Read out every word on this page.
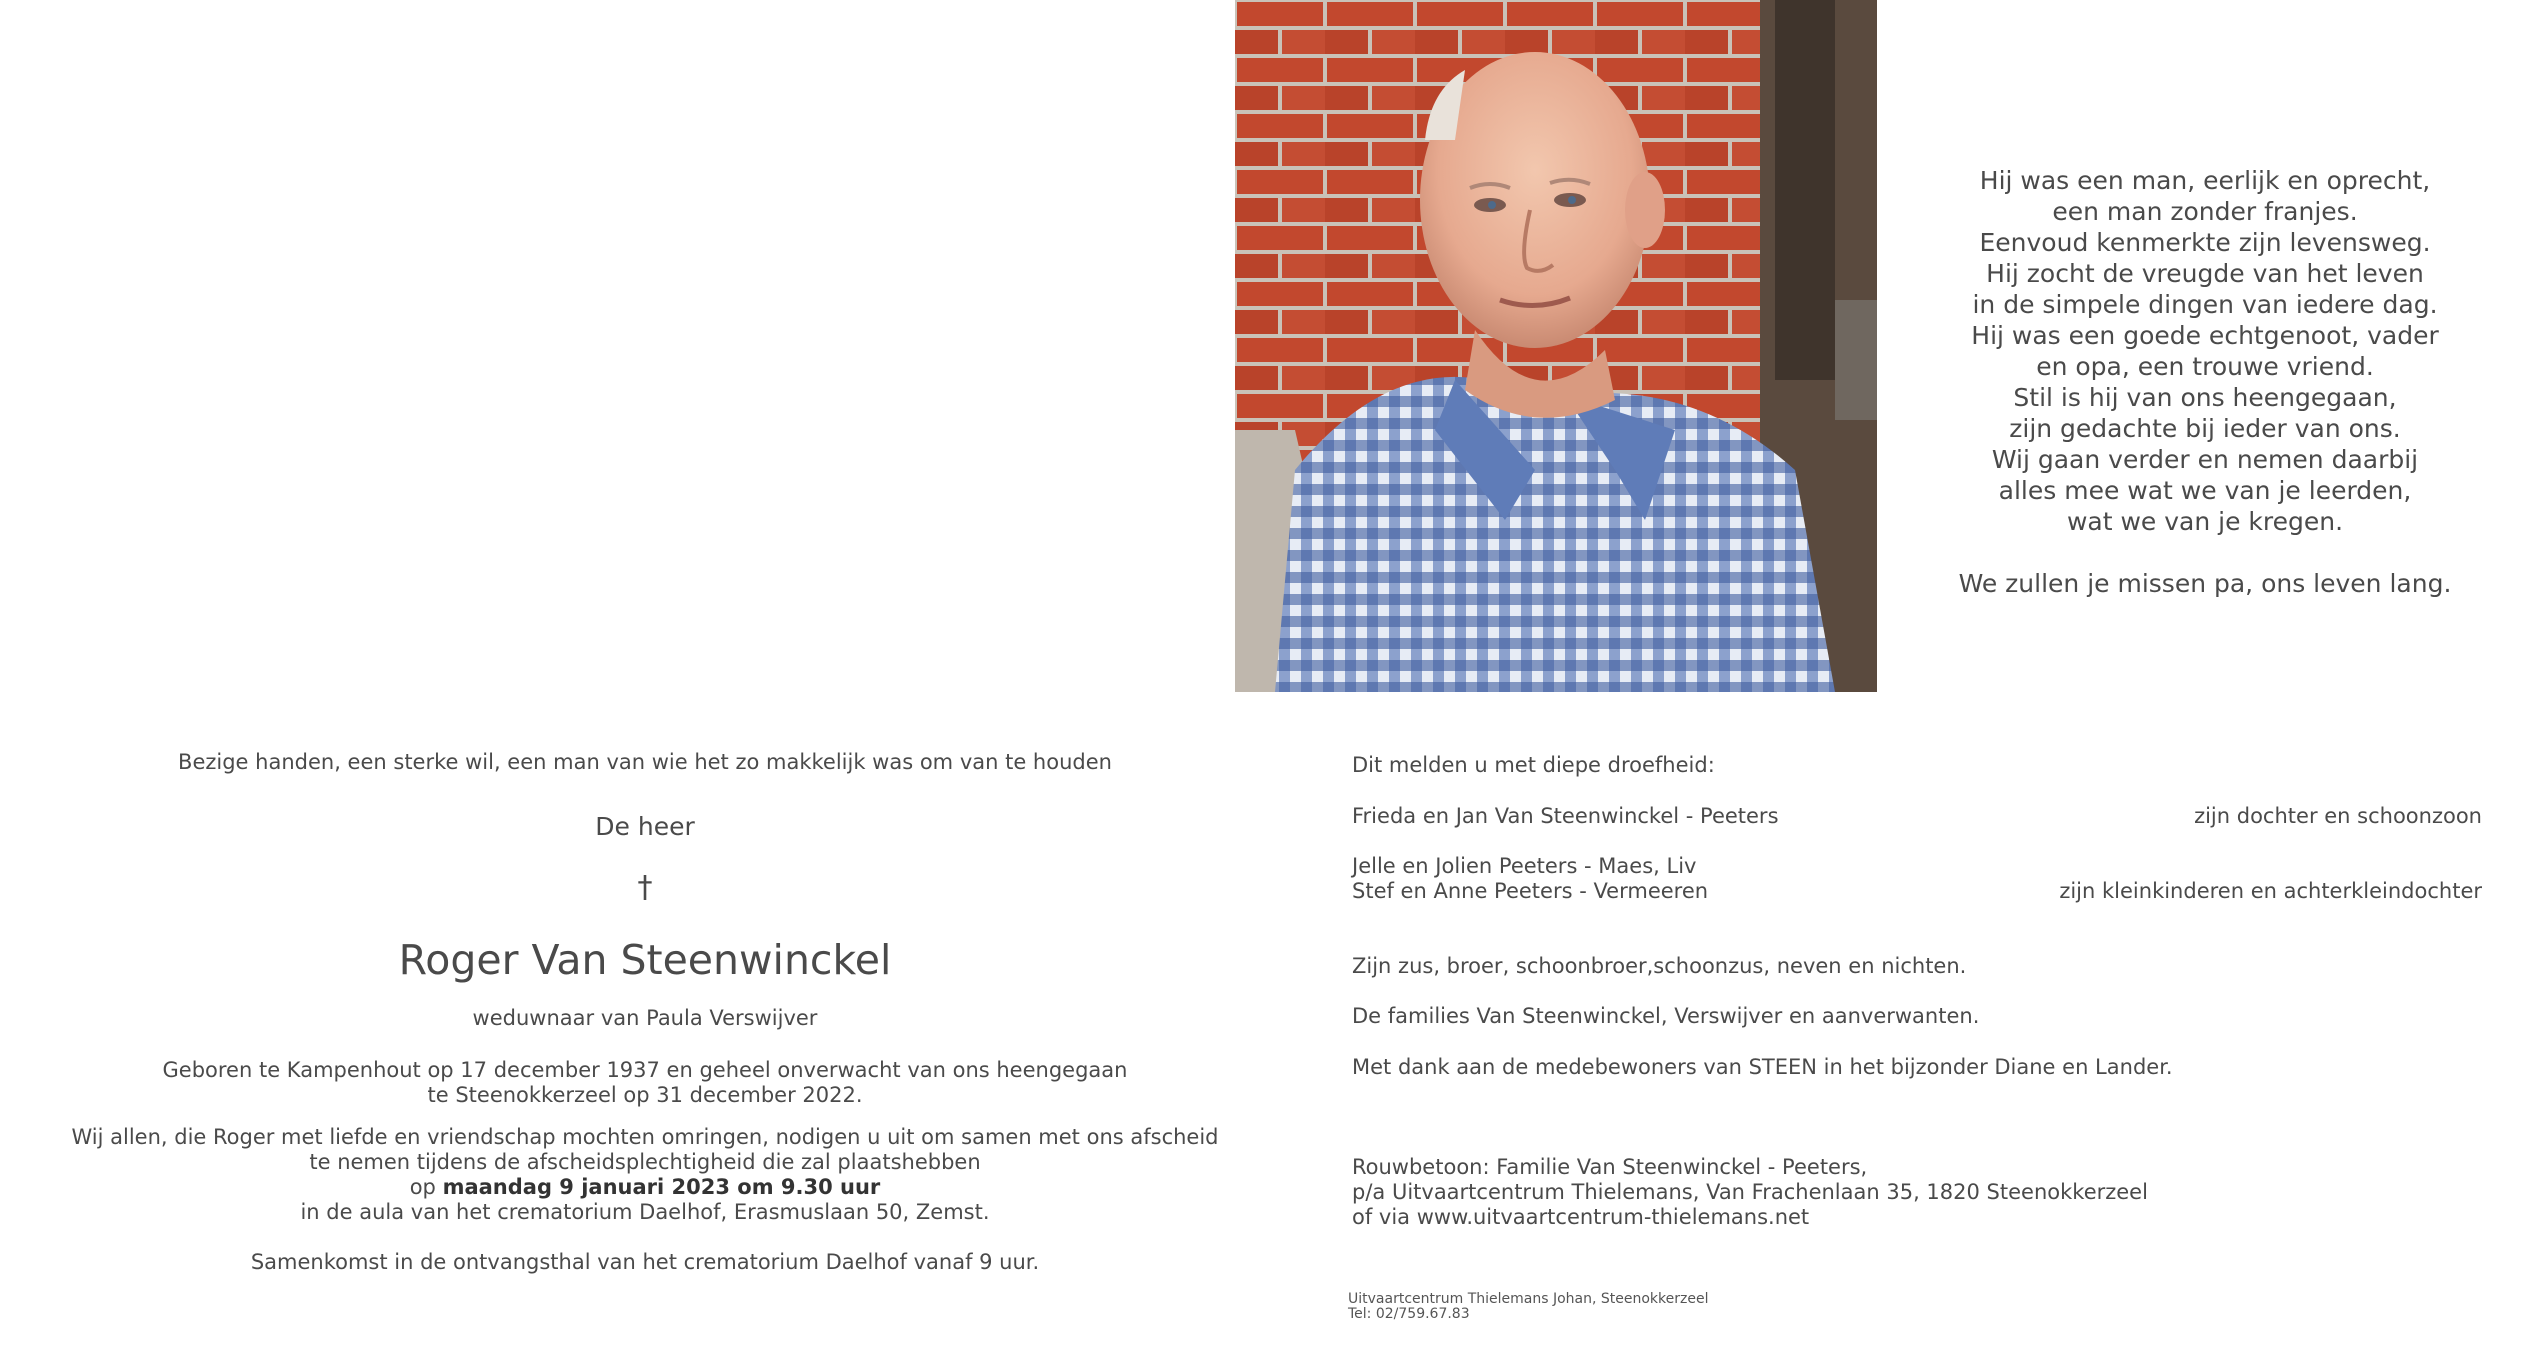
Hij was een man, eerlijk en oprecht,
een man zonder franjes.
Eenvoud kenmerkte zijn levensweg.
Hij zocht de vreugde van het leven
in de simpele dingen van iedere dag.
Hij was een goede echtgenoot, vader
en opa, een trouwe vriend.
Stil is hij van ons heengegaan,
zijn gedachte bij ieder van ons.
Wij gaan verder en nemen daarbij
alles mee wat we van je leerden,
wat we van je kregen.
We zullen je missen pa, ons leven lang.
Bezige handen, een sterke wil, een man van wie het zo makkelijk was om van te houden
De heer
†
Roger Van Steenwinckel
weduwnaar van Paula Verswijver
Geboren te Kampenhout op 17 december 1937 en geheel onverwacht van ons heengegaan
te Steenokkerzeel op 31 december 2022.
Wij allen, die Roger met liefde en vriendschap mochten omringen, nodigen u uit om samen met ons afscheid
te nemen tijdens de afscheidsplechtigheid die zal plaatshebben
op maandag 9 januari 2023 om 9.30 uur
in de aula van het crematorium Daelhof, Erasmuslaan 50, Zemst.
Samenkomst in de ontvangsthal van het crematorium Daelhof vanaf 9 uur.
Dit melden u met diepe droefheid:
Frieda en Jan Van Steenwinckel - Peeters	zijn dochter en schoonzoon
Jelle en Jolien Peeters - Maes, Liv
Stef en Anne Peeters - Vermeeren	zijn kleinkinderen en achterkleindochter
Zijn zus, broer, schoonbroer,schoonzus, neven en nichten.
De families Van Steenwinckel, Verswijver en aanverwanten.
Met dank aan de medebewoners van STEEN in het bijzonder Diane en Lander.
Rouwbetoon: Familie Van Steenwinckel - Peeters,
p/a Uitvaartcentrum Thielemans, Van Frachenlaan 35, 1820 Steenokkerzeel
of via www.uitvaartcentrum-thielemans.net
Uitvaartcentrum Thielemans Johan, Steenokkerzeel
Tel: 02/759.67.83
